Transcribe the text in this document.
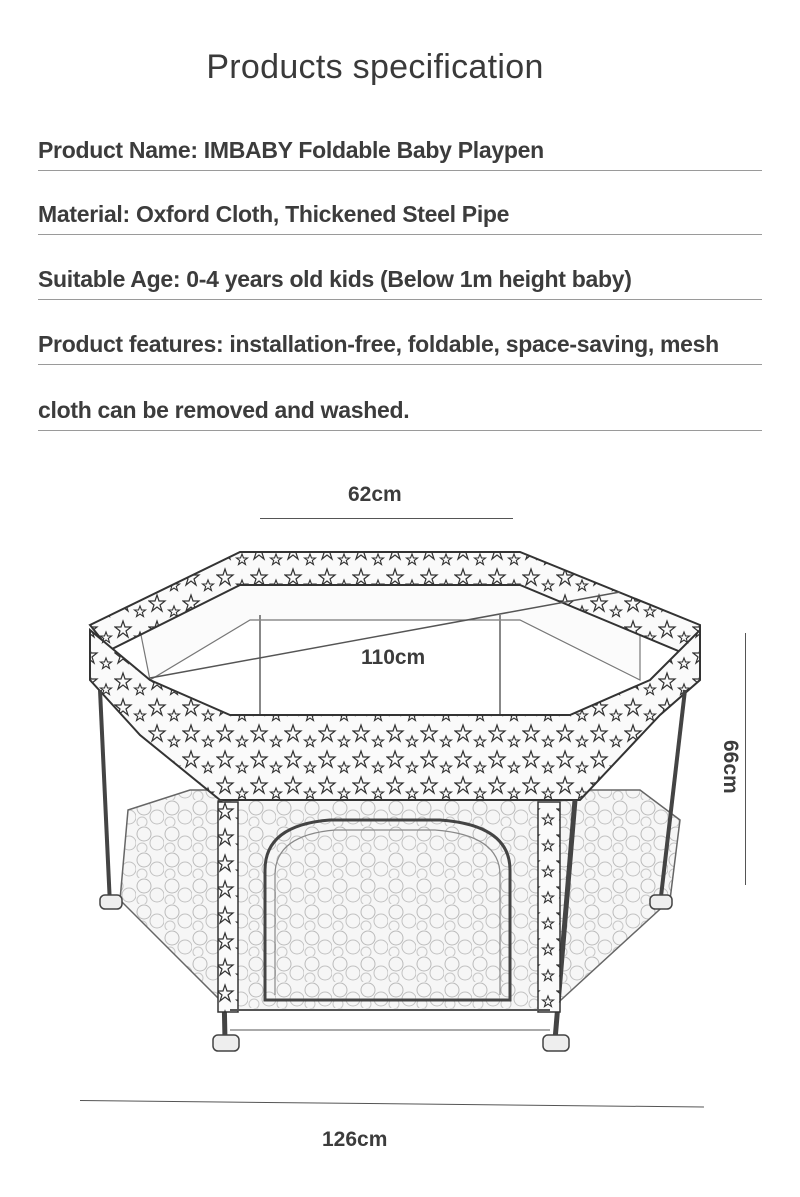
Products specification
Product Name: IMBABY Foldable Baby Playpen
Material: Oxford Cloth, Thickened Steel Pipe
Suitable Age: 0-4 years old kids (Below 1m height baby)
Product features: installation-free, foldable, space-saving, mesh
cloth can be removed and washed.
62cm
110cm
66cm
126cm
